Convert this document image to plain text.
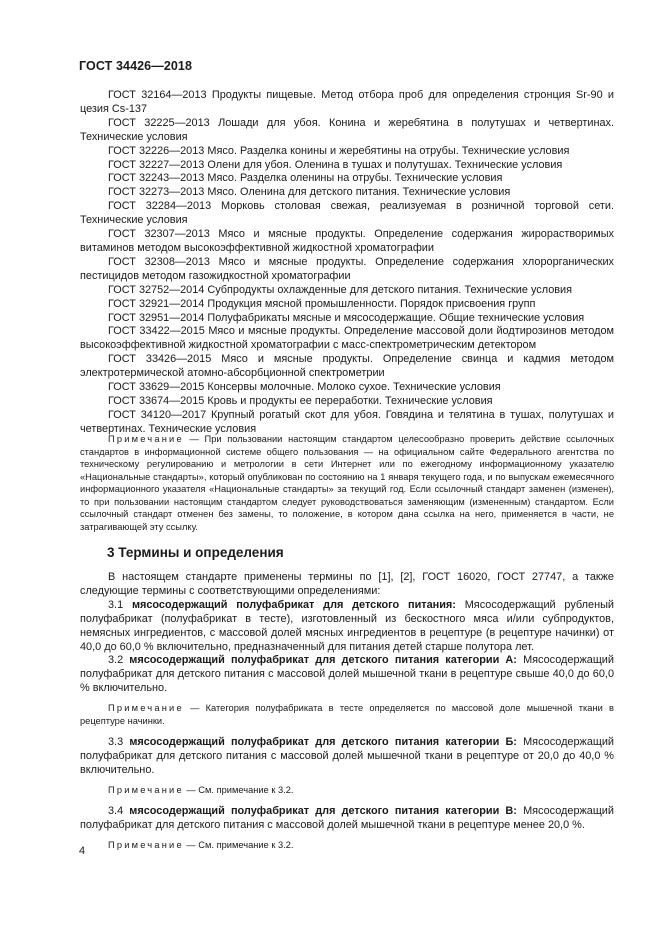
ГОСТ 34426—2018

ГОСТ 32164—2013 Продукты пищевые. Метод отбора проб для определения стронция Sr-90 и цезия Cs-137

ГОСТ 32225—2013 Лошади для убоя. Конина и жеребятина в полутушах и четвертинах. Технические условия

ГОСТ 32226—2013 Мясо. Разделка конины и жеребятины на отрубы. Технические условия

ГОСТ 32227—2013 Олени для убоя. Оленина в тушах и полутушах. Технические условия

ГОСТ 32243—2013 Мясо. Разделка оленины на отрубы. Технические условия

ГОСТ 32273—2013 Мясо. Оленина для детского питания. Технические условия

ГОСТ 32284—2013 Морковь столовая свежая, реализуемая в розничной торговой сети. Технические условия

ГОСТ 32307—2013 Мясо и мясные продукты. Определение содержания жирорастворимых витаминов методом высокоэффективной жидкостной хроматографии

ГОСТ 32308—2013 Мясо и мясные продукты. Определение содержания хлорорганических пестицидов методом газожидкостной хроматографии

ГОСТ 32752—2014 Субпродукты охлажденные для детского питания. Технические условия

ГОСТ 32921—2014 Продукция мясной промышленности. Порядок присвоения групп

ГОСТ 32951—2014 Полуфабрикаты мясные и мясосодержащие. Общие технические условия

ГОСТ 33422—2015 Мясо и мясные продукты. Определение массовой доли йодтирозинов методом высокоэффективной жидкостной хроматографии с масс-спектрометрическим детектором

ГОСТ 33426—2015 Мясо и мясные продукты. Определение свинца и кадмия методом электротермической атомно-абсорбционной спектрометрии

ГОСТ 33629—2015 Консервы молочные. Молоко сухое. Технические условия

ГОСТ 33674—2015 Кровь и продукты ее переработки. Технические условия

ГОСТ 34120—2017 Крупный рогатый скот для убоя. Говядина и телятина в тушах, полутушах и четвертинах. Технические условия

Примечание — При пользовании настоящим стандартом целесообразно проверить действие ссылочных стандартов в информационной системе общего пользования — на официальном сайте Федерального агентства по техническому регулированию и метрологии в сети Интернет или по ежегодному информационному указателю «Национальные стандарты», который опубликован по состоянию на 1 января текущего года, и по выпускам ежемесячного информационного указателя «Национальные стандарты» за текущий год. Если ссылочный стандарт заменен (изменен), то при пользовании настоящим стандартом следует руководствоваться заменяющим (измененным) стандартом. Если ссылочный стандарт отменен без замены, то положение, в котором дана ссылка на него, применяется в части, не затрагивающей эту ссылку.
3 Термины и определения

В настоящем стандарте применены термины по [1], [2], ГОСТ 16020, ГОСТ 27747, а также следующие термины с соответствующими определениями:

3.1 мясосодержащий полуфабрикат для детского питания: Мясосодержащий рубленый полуфабрикат (полуфабрикат в тесте), изготовленный из бескостного мяса и/или субпродуктов, немясных ингредиентов, с массовой долей мясных ингредиентов в рецептуре (в рецептуре начинки) от 40,0 до 60,0 % включительно, предназначенный для питания детей старше полутора лет.

3.2 мясосодержащий полуфабрикат для детского питания категории А: Мясосодержащий полуфабрикат для детского питания с массовой долей мышечной ткани в рецептуре свыше 40,0 до 60,0 % включительно.

Примечание — Категория полуфабриката в тесте определяется по массовой доле мышечной ткани в рецептуре начинки.

3.3 мясосодержащий полуфабрикат для детского питания категории Б: Мясосодержащий полуфабрикат для детского питания с массовой долей мышечной ткани в рецептуре от 20,0 до 40,0 % включительно.

Примечание — См. примечание к 3.2.

3.4 мясосодержащий полуфабрикат для детского питания категории В: Мясосодержащий полуфабрикат для детского питания с массовой долей мышечной ткани в рецептуре менее 20,0 %.

Примечание — См. примечание к 3.2.

4
